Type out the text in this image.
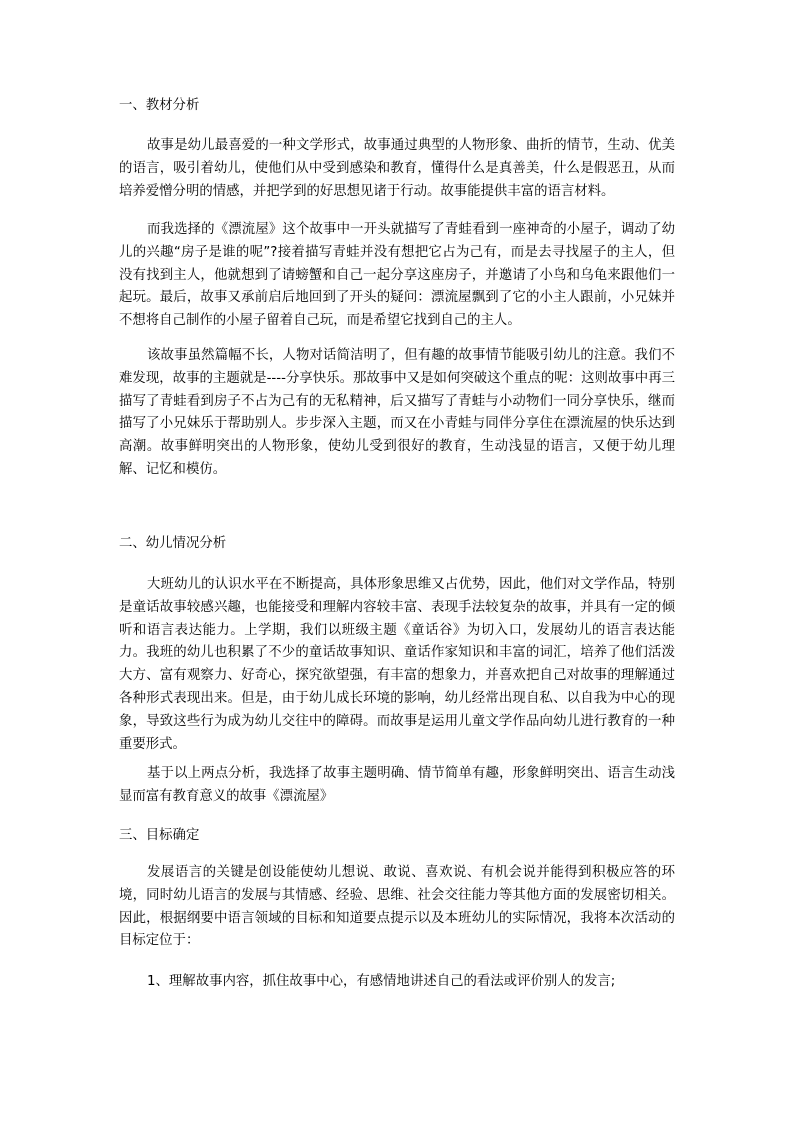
一、教材分析

故事是幼儿最喜爱的一种文学形式，故事通过典型的人物形象、曲折的情节，生动、优美的语言，吸引着幼儿，使他们从中受到感染和教育，懂得什么是真善美，什么是假恶丑，从而培养爱憎分明的情感，并把学到的好思想见诸于行动。故事能提供丰富的语言材料。

而我选择的《漂流屋》这个故事中一开头就描写了青蛙看到一座神奇的小屋子，调动了幼儿的兴趣“房子是谁的呢”?接着描写青蛙并没有想把它占为己有，而是去寻找屋子的主人，但没有找到主人，他就想到了请螃蟹和自己一起分享这座房子，并邀请了小鸟和乌龟来跟他们一起玩。最后，故事又承前启后地回到了开头的疑问：漂流屋飘到了它的小主人跟前，小兄妹并不想将自己制作的小屋子留着自己玩，而是希望它找到自己的主人。

该故事虽然篇幅不长，人物对话简洁明了，但有趣的故事情节能吸引幼儿的注意。我们不难发现，故事的主题就是----分享快乐。那故事中又是如何突破这个重点的呢：这则故事中再三描写了青蛙看到房子不占为己有的无私精神，后又描写了青蛙与小动物们一同分享快乐，继而描写了小兄妹乐于帮助别人。步步深入主题，而又在小青蛙与同伴分享住在漂流屋的快乐达到高潮。故事鲜明突出的人物形象，使幼儿受到很好的教育，生动浅显的语言，又便于幼儿理解、记忆和模仿。

二、幼儿情况分析

大班幼儿的认识水平在不断提高，具体形象思维又占优势，因此，他们对文学作品，特别是童话故事较感兴趣，也能接受和理解内容较丰富、表现手法较复杂的故事，并具有一定的倾听和语言表达能力。上学期，我们以班级主题《童话谷》为切入口，发展幼儿的语言表达能力。我班的幼儿也积累了不少的童话故事知识、童话作家知识和丰富的词汇，培养了他们活泼大方、富有观察力、好奇心，探究欲望强，有丰富的想象力，并喜欢把自己对故事的理解通过各种形式表现出来。但是，由于幼儿成长环境的影响，幼儿经常出现自私、以自我为中心的现象，导致这些行为成为幼儿交往中的障碍。而故事是运用儿童文学作品向幼儿进行教育的一种重要形式。

基于以上两点分析，我选择了故事主题明确、情节简单有趣，形象鲜明突出、语言生动浅显而富有教育意义的故事《漂流屋》

三、目标确定

发展语言的关键是创设能使幼儿想说、敢说、喜欢说、有机会说并能得到积极应答的环境，同时幼儿语言的发展与其情感、经验、思维、社会交往能力等其他方面的发展密切相关。因此，根据纲要中语言领域的目标和知道要点提示以及本班幼儿的实际情况，我将本次活动的目标定位于：

1、理解故事内容，抓住故事中心，有感情地讲述自己的看法或评价别人的发言;
